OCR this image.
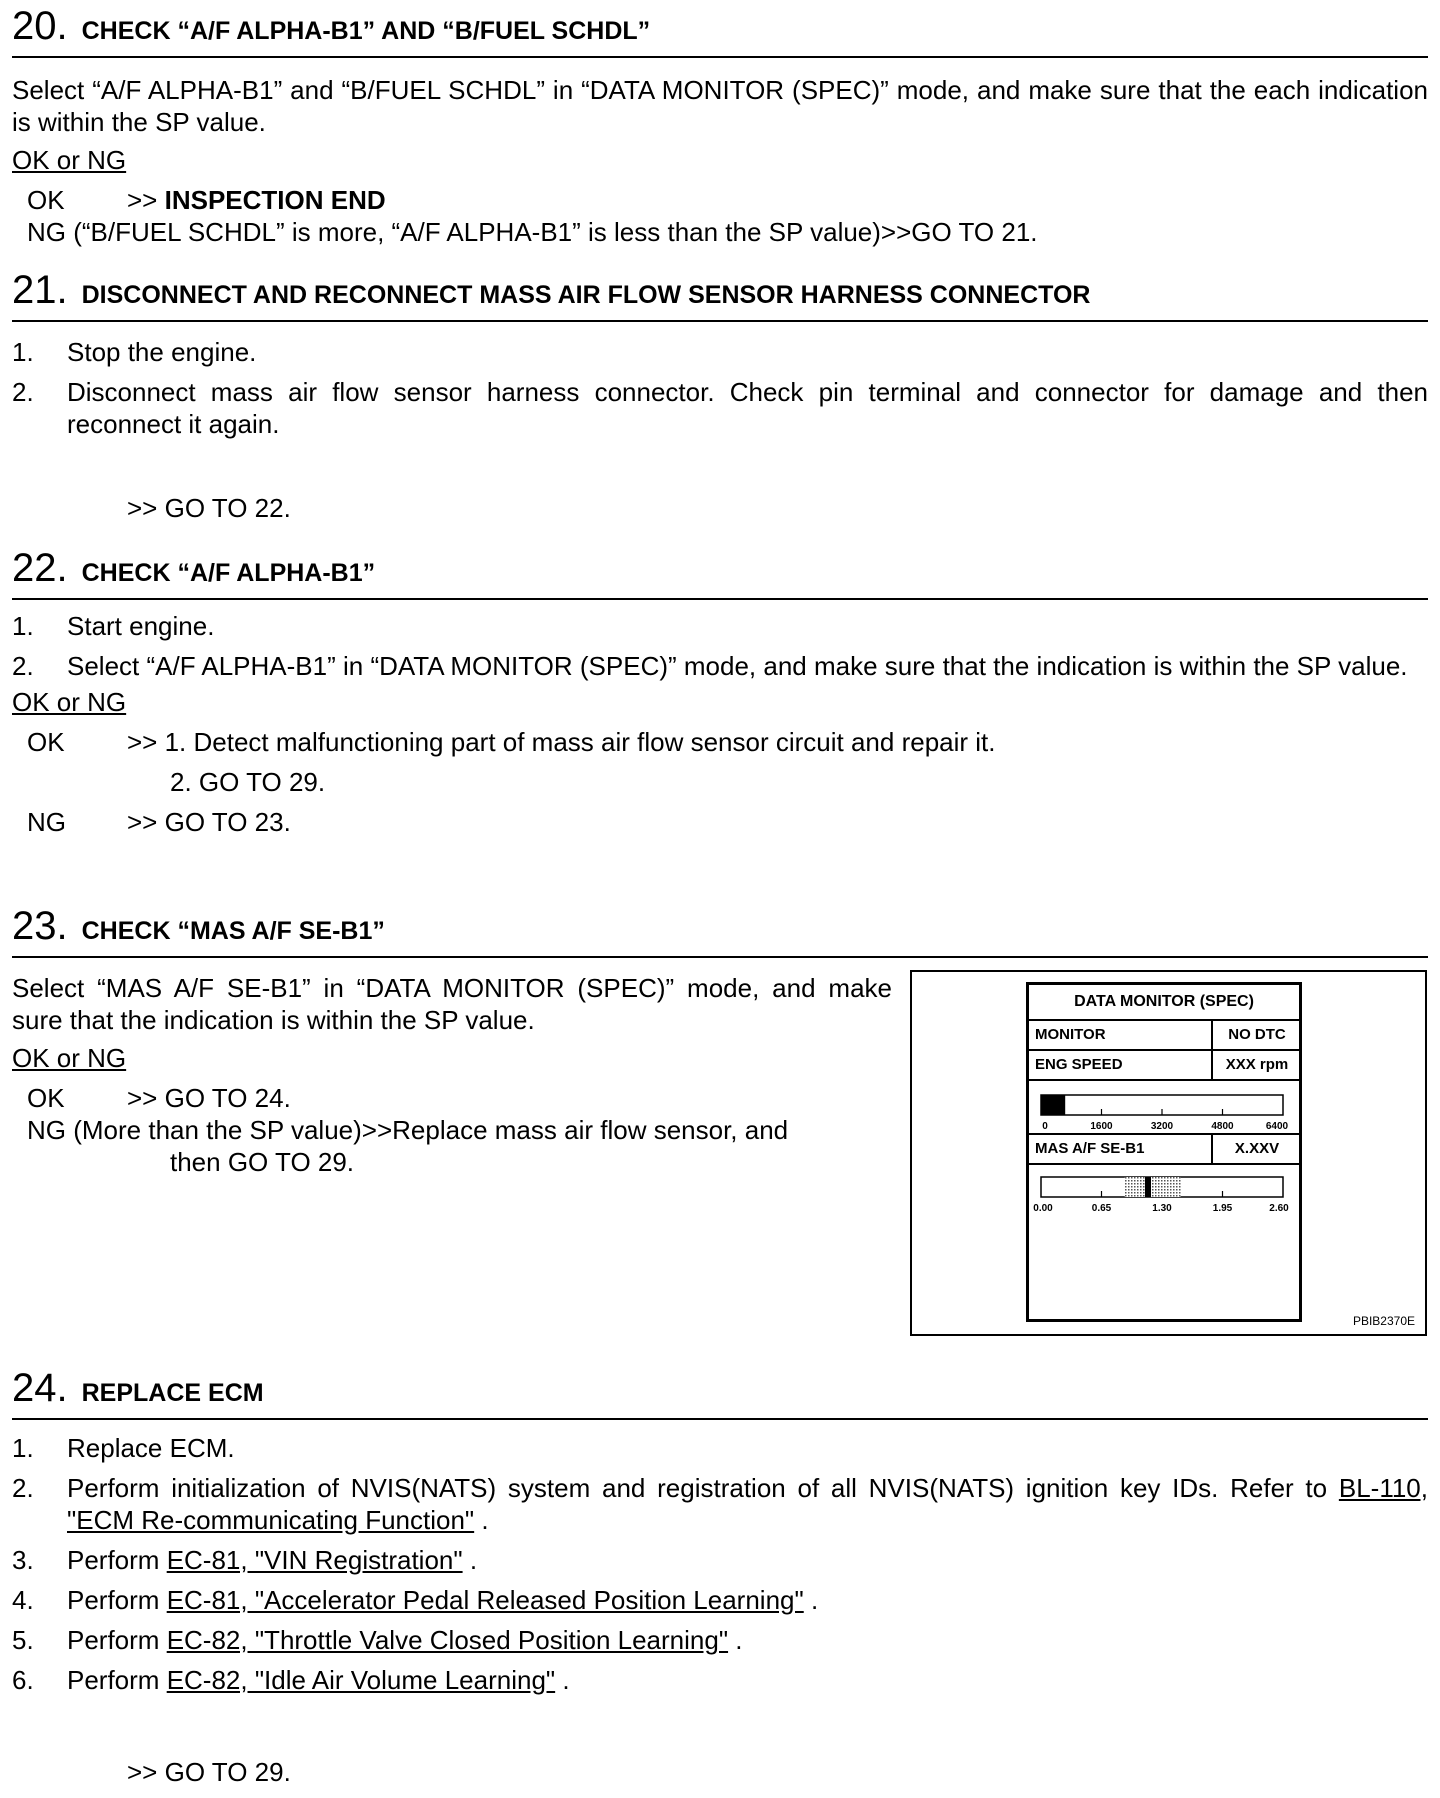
20 . CHECK “A/F ALPHA-B1” AND “B/FUEL SCHDL”
Select “A/F ALPHA-B1” and “B/FUEL SCHDL” in “DATA MONITOR (SPEC)” mode, and make sure that the each indication is within the SP value.
OK or NG
OK >> INSPECTION END
NG (“B/FUEL SCHDL” is more, “A/F ALPHA-B1” is less than the SP value)>>GO TO 21.
21 . DISCONNECT AND RECONNECT MASS AIR FLOW SENSOR HARNESS CONNECTOR
1. Stop the engine.
2. Disconnect mass air flow sensor harness connector. Check pin terminal and connector for damage and then reconnect it again.
>> GO TO 22.
22 . CHECK “A/F ALPHA-B1”
1. Start engine.
2. Select “A/F ALPHA-B1” in “DATA MONITOR (SPEC)” mode, and make sure that the indication is within the SP value.
OK or NG
OK >> 1. Detect malfunctioning part of mass air flow sensor circuit and repair it.
2. GO TO 29.
NG >> GO TO 23.
23 . CHECK “MAS A/F SE-B1”
Select “MAS A/F SE-B1” in “DATA MONITOR (SPEC)” mode, and make sure that the indication is within the SP value.
OK or NG
OK >> GO TO 24.
NG (More than the SP value)>>Replace mass air flow sensor, and
then GO TO 29.
DATA MONITOR (SPEC)
MONITOR	NO DTC
ENG SPEED	XXX rpm
0	1600	3200	4800	6400
MAS A/F SE-B1	X.XXV
0.00	0.65	1.30	1.95	2.60
PBIB2370E
24 . REPLACE ECM
1. Replace ECM.
2. Perform initialization of NVIS(NATS) system and registration of all NVIS(NATS) ignition key IDs. Refer to BL-110, "ECM Re-communicating Function" .
3. Perform EC-81, "VIN Registration" .
4. Perform EC-81, "Accelerator Pedal Released Position Learning" .
5. Perform EC-82, "Throttle Valve Closed Position Learning" .
6. Perform EC-82, "Idle Air Volume Learning" .
>> GO TO 29.
